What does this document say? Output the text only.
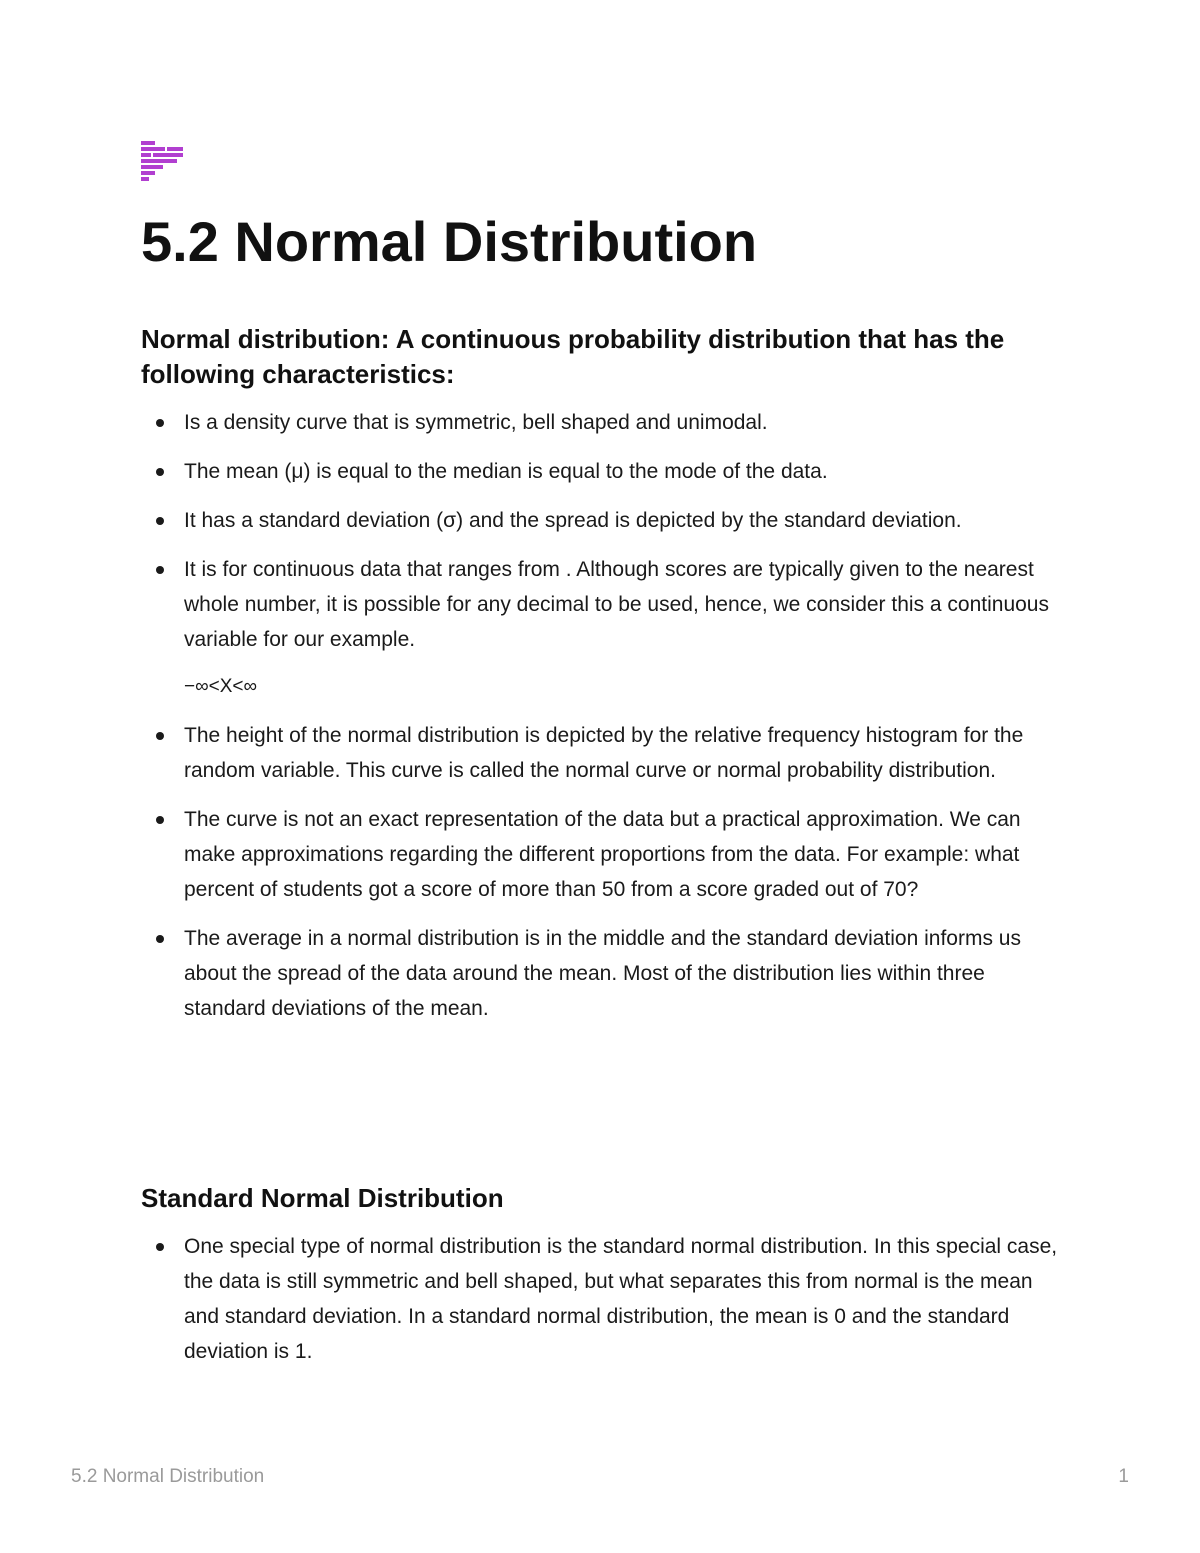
5.2 Normal Distribution
Normal distribution: A continuous probability distribution that has the following characteristics:
Is a density curve that is symmetric, bell shaped and unimodal.
The mean (μ) is equal to the median is equal to the mode of the data.
It has a standard deviation (σ) and the spread is depicted by the standard deviation.
It is for continuous data that ranges from . Although scores are typically given to the nearest whole number, it is possible for any decimal to be used, hence, we consider this a continuous variable for our example.
−∞<X<∞
The height of the normal distribution is depicted by the relative frequency histogram for the random variable. This curve is called the normal curve or normal probability distribution.
The curve is not an exact representation of the data but a practical approximation. We can make approximations regarding the different proportions from the data. For example: what percent of students got a score of more than 50 from a score graded out of 70?
The average in a normal distribution is in the middle and the standard deviation informs us about the spread of the data around the mean. Most of the distribution lies within three standard deviations of the mean.
Standard Normal Distribution
One special type of normal distribution is the standard normal distribution. In this special case, the data is still symmetric and bell shaped, but what separates this from normal is the mean and standard deviation. In a standard normal distribution, the mean is 0 and the standard deviation is 1.
5.2 Normal Distribution	1
